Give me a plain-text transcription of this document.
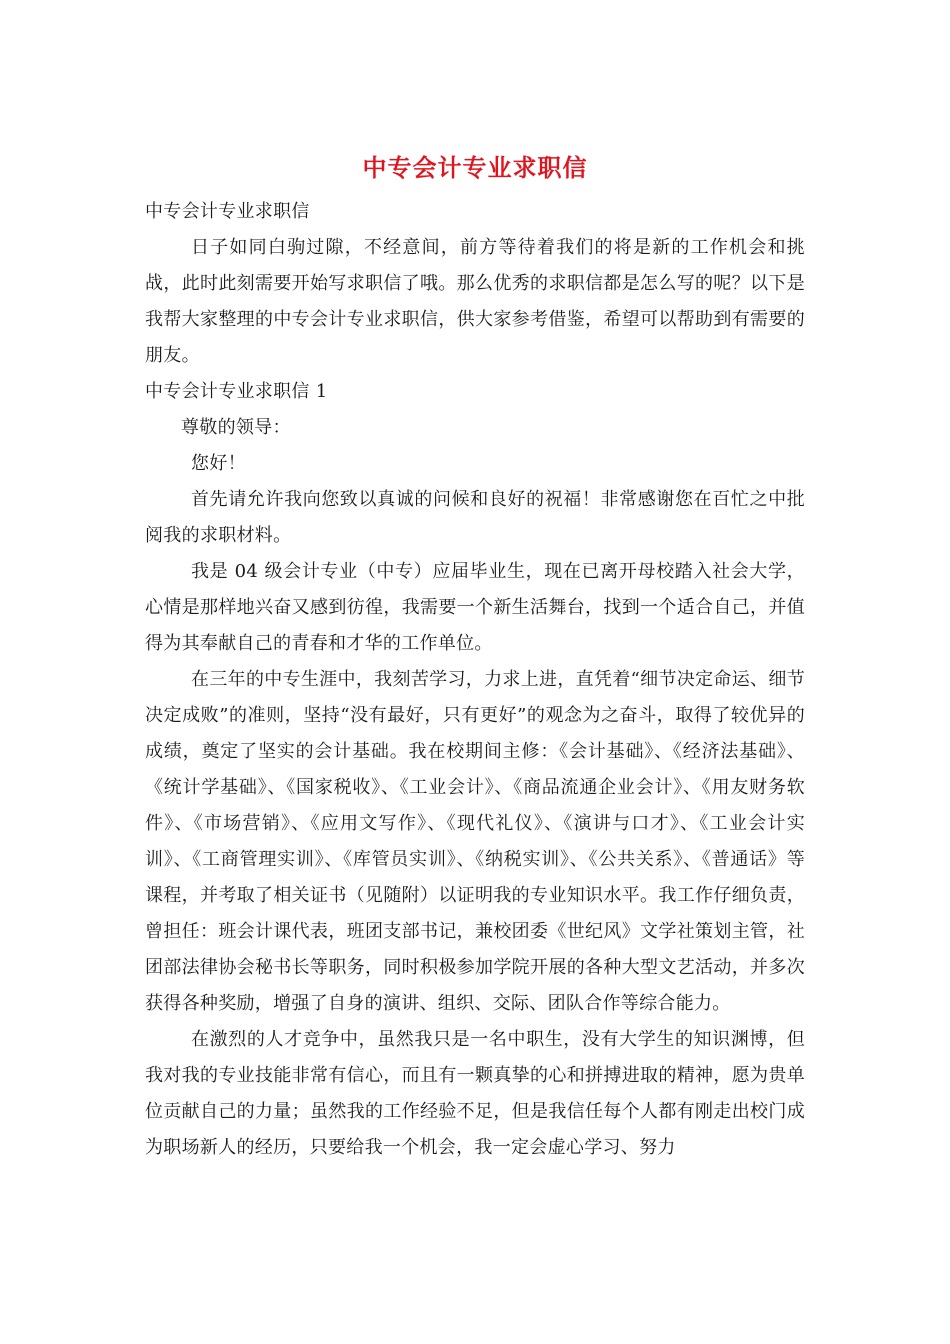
中专会计专业求职信

中专会计专业求职信

日子如同白驹过隙，不经意间，前方等待着我们的将是新的工作机会和挑战，此时此刻需要开始写求职信了哦。那么优秀的求职信都是怎么写的呢？以下是我帮大家整理的中专会计专业求职信，供大家参考借鉴，希望可以帮助到有需要的朋友。

中专会计专业求职信 1

尊敬的领导：

您好！

首先请允许我向您致以真诚的问候和良好的祝福！非常感谢您在百忙之中批阅我的求职材料。

我是 04 级会计专业（中专）应届毕业生，现在已离开母校踏入社会大学，心情是那样地兴奋又感到彷徨，我需要一个新生活舞台，找到一个适合自己，并值得为其奉献自己的青春和才华的工作单位。

在三年的中专生涯中，我刻苦学习，力求上进，直凭着“细节决定命运、细节决定成败”的准则，坚持“没有最好，只有更好”的观念为之奋斗，取得了较优异的成绩，奠定了坚实的会计基础。我在校期间主修：《会计基础》、《经济法基础》、《统计学基础》、《国家税收》、《工业会计》、《商品流通企业会计》、《用友财务软件》、《市场营销》、《应用文写作》、《现代礼仪》、《演讲与口才》、《工业会计实训》、《工商管理实训》、《库管员实训》、《纳税实训》、《公共关系》、《普通话》等课程，并考取了相关证书（见随附）以证明我的专业知识水平。我工作仔细负责，曾担任：班会计课代表，班团支部书记，兼校团委《世纪风》文学社策划主管，社团部法律协会秘书长等职务，同时积极参加学院开展的各种大型文艺活动，并多次获得各种奖励，增强了自身的演讲、组织、交际、团队合作等综合能力。

在激烈的人才竞争中，虽然我只是一名中职生，没有大学生的知识渊博，但我对我的专业技能非常有信心，而且有一颗真挚的心和拼搏进取的精神，愿为贵单位贡献自己的力量；虽然我的工作经验不足，但是我信任每个人都有刚走出校门成为职场新人的经历，只要给我一个机会，我一定会虚心学习、努力
